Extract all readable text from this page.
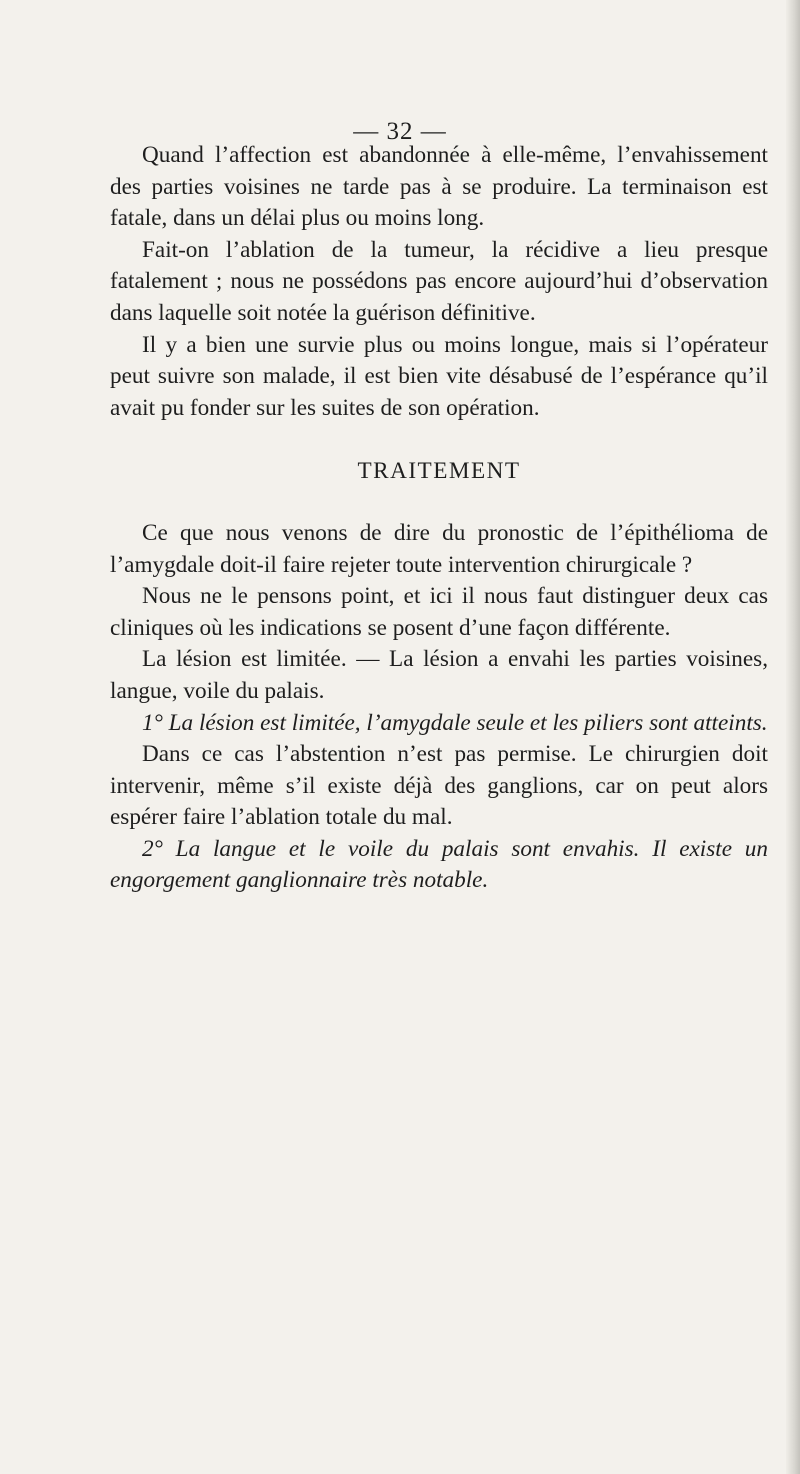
— 32 —

Quand l’affection est abandonnée à elle-même, l’envahissement des parties voisines ne tarde pas à se produire. La terminaison est fatale, dans un délai plus ou moins long.

Fait-on l’ablation de la tumeur, la récidive a lieu presque fatalement ; nous ne possédons pas encore aujourd’hui d’observation dans laquelle soit notée la guérison définitive.

Il y a bien une survie plus ou moins longue, mais si l’opérateur peut suivre son malade, il est bien vite désabusé de l’espérance qu’il avait pu fonder sur les suites de son opération.

TRAITEMENT

Ce que nous venons de dire du pronostic de l’épithélioma de l’amygdale doit-il faire rejeter toute intervention chirurgicale ?

Nous ne le pensons point, et ici il nous faut distinguer deux cas cliniques où les indications se posent d’une façon différente.

La lésion est limitée. — La lésion a envahi les parties voisines, langue, voile du palais.

1° La lésion est limitée, l’amygdale seule et les piliers sont atteints.

Dans ce cas l’abstention n’est pas permise. Le chirurgien doit intervenir, même s’il existe déjà des ganglions, car on peut alors espérer faire l’ablation totale du mal.

2° La langue et le voile du palais sont envahis. Il existe un engorgement ganglionnaire très notable.
